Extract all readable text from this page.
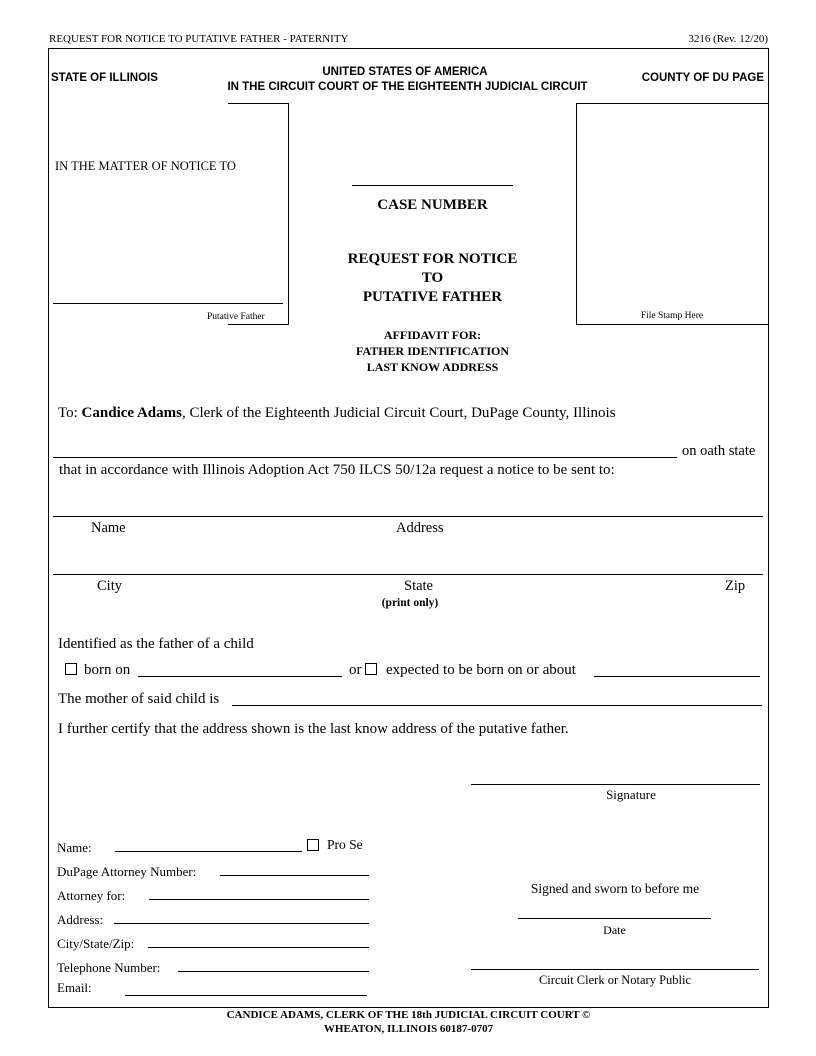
REQUEST FOR NOTICE TO PUTATIVE FATHER - PATERNITY	3216 (Rev. 12/20)
STATE OF ILLINOIS	UNITED STATES OF AMERICA
IN THE CIRCUIT COURT OF THE EIGHTEENTH JUDICIAL CIRCUIT
COUNTY OF DU PAGE
IN THE MATTER OF NOTICE TO
Putative Father
CASE NUMBER
REQUEST FOR NOTICE
TO
PUTATIVE FATHER
AFFIDAVIT FOR:
FATHER IDENTIFICATION
LAST KNOW ADDRESS
File Stamp Here
To: Candice Adams, Clerk of the Eighteenth Judicial Circuit Court, DuPage County, Illinois
on oath state
that in accordance with Illinois Adoption Act 750 ILCS 50/12a request a notice to be sent to:
Name	Address
City	State
(print only)
Zip
Identified as the father of a child
born on	or expected to be born on or about
The mother of said child is
I further certify that the address shown is the last know address of the putative father.
Signature
Name:	Pro Se
DuPage Attorney Number:
Attorney for:
Address:
City/State/Zip:
Telephone Number:
Email:
Signed and sworn to before me
Date
Circuit Clerk or Notary Public
CANDICE ADAMS, CLERK OF THE 18th JUDICIAL CIRCUIT COURT ©
WHEATON, ILLINOIS 60187-0707
